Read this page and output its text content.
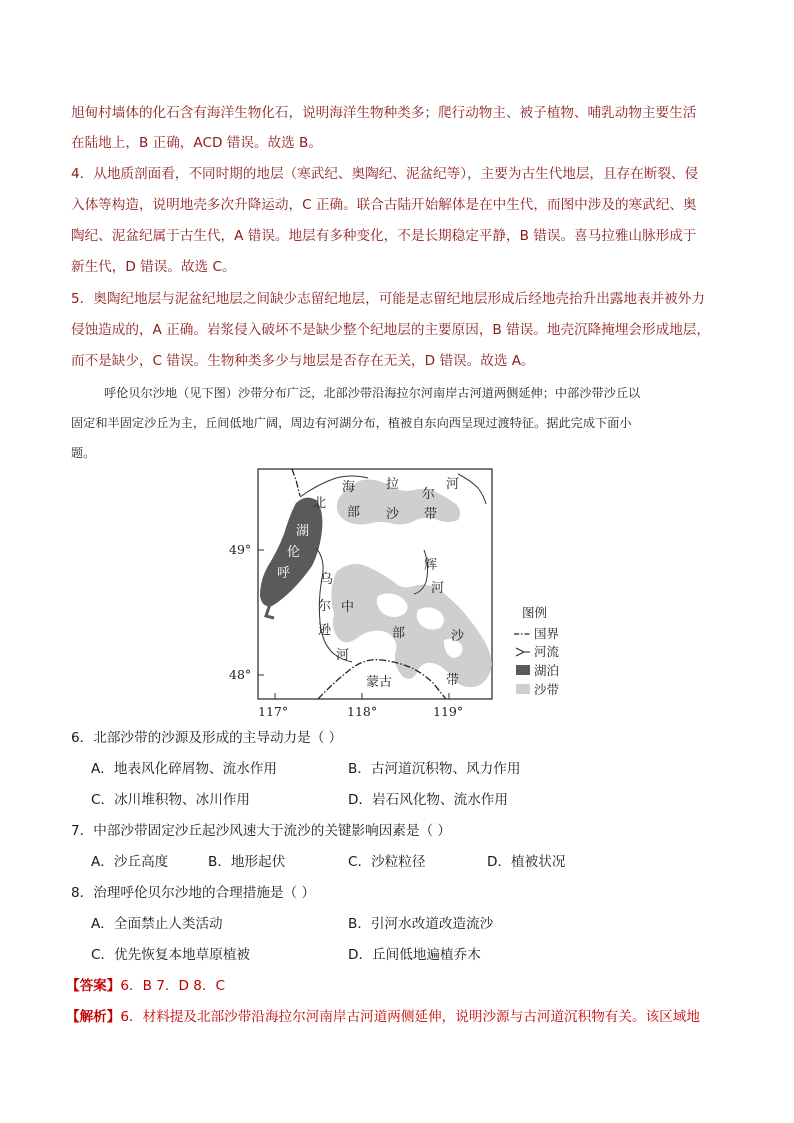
旭甸村墙体的化石含有海洋生物化石，说明海洋生物种类多；爬行动物主、被子植物、哺乳动物主要生活
在陆地上，B 正确，ACD 错误。故选 B。
4．从地质剖面看，不同时期的地层（寒武纪、奥陶纪、泥盆纪等），主要为古生代地层，且存在断裂、侵
入体等构造，说明地壳多次升降运动，C 正确。联合古陆开始解体是在中生代，而图中涉及的寒武纪、奥
陶纪、泥盆纪属于古生代，A 错误。地层有多种变化，不是长期稳定平静，B 错误。喜马拉雅山脉形成于
新生代，D 错误。故选 C。
5．奥陶纪地层与泥盆纪地层之间缺少志留纪地层，可能是志留纪地层形成后经地壳抬升出露地表并被外力
侵蚀造成的，A 正确。岩浆侵入破坏不是缺少整个纪地层的主要原因，B 错误。地壳沉降掩埋会形成地层，
而不是缺少，C 错误。生物种类多少与地层是否存在无关，D 错误。故选 A。
呼伦贝尔沙地（见下图）沙带分布广泛，北部沙带沿海拉尔河南岸古河道两侧延伸；中部沙带沙丘以
固定和半固定沙丘为主，丘间低地广阔，周边有河湖分布，植被自东向西呈现过渡特征。据此完成下面小
题。
北
海 拉
尔
河
部 沙 带
湖
伦
呼
辉
河
乌
尔
逊
河
中
部	沙
带
蒙古
49°
48°
117°	118°	119°
图例
国界
河流
湖泊
沙带
6．北部沙带的沙源及形成的主导动力是（ ）
A．地表风化碎屑物、流水作用	B．古河道沉积物、风力作用
C．冰川堆积物、冰川作用	D．岩石风化物、流水作用
7．中部沙带固定沙丘起沙风速大于流沙的关键影响因素是（ ）
A．沙丘高度	B．地形起伏	C．沙粒粒径	D．植被状况
8．治理呼伦贝尔沙地的合理措施是（ ）
A．全面禁止人类活动	B．引河水改道改造流沙
C．优先恢复本地草原植被	D．丘间低地遍植乔木
【答案】6．B 7．D 8．C
【解析】6．材料提及北部沙带沿海拉尔河南岸古河道两侧延伸，说明沙源与古河道沉积物有关。该区域地
